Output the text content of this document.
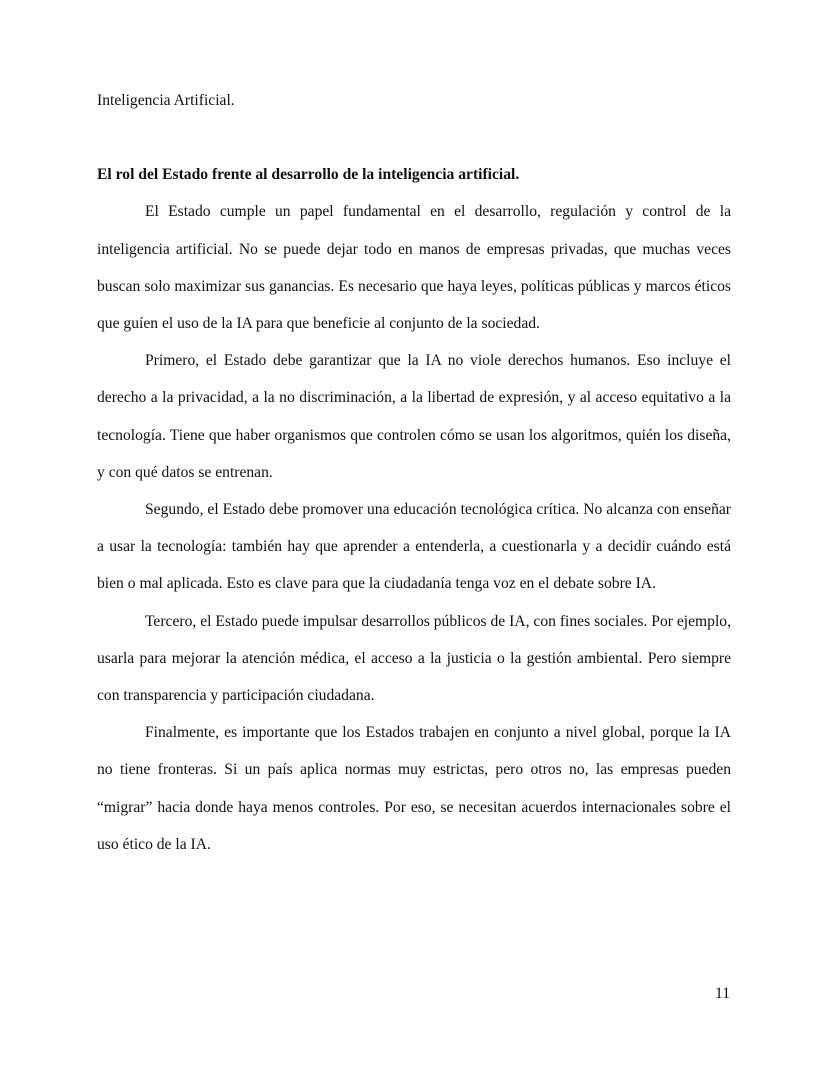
Inteligencia Artificial.

El rol del Estado frente al desarrollo de la inteligencia artificial.

El Estado cumple un papel fundamental en el desarrollo, regulación y control de la inteligencia artificial. No se puede dejar todo en manos de empresas privadas, que muchas veces buscan solo maximizar sus ganancias. Es necesario que haya leyes, políticas públicas y marcos éticos que guíen el uso de la IA para que beneficie al conjunto de la sociedad.

Primero, el Estado debe garantizar que la IA no viole derechos humanos. Eso incluye el derecho a la privacidad, a la no discriminación, a la libertad de expresión, y al acceso equitativo a la tecnología. Tiene que haber organismos que controlen cómo se usan los algoritmos, quién los diseña, y con qué datos se entrenan.

Segundo, el Estado debe promover una educación tecnológica crítica. No alcanza con enseñar a usar la tecnología: también hay que aprender a entenderla, a cuestionarla y a decidir cuándo está bien o mal aplicada. Esto es clave para que la ciudadanía tenga voz en el debate sobre IA.

Tercero, el Estado puede impulsar desarrollos públicos de IA, con fines sociales. Por ejemplo, usarla para mejorar la atención médica, el acceso a la justicia o la gestión ambiental. Pero siempre con transparencia y participación ciudadana.

Finalmente, es importante que los Estados trabajen en conjunto a nivel global, porque la IA no tiene fronteras. Si un país aplica normas muy estrictas, pero otros no, las empresas pueden “migrar” hacia donde haya menos controles. Por eso, se necesitan acuerdos internacionales sobre el uso ético de la IA.

11
